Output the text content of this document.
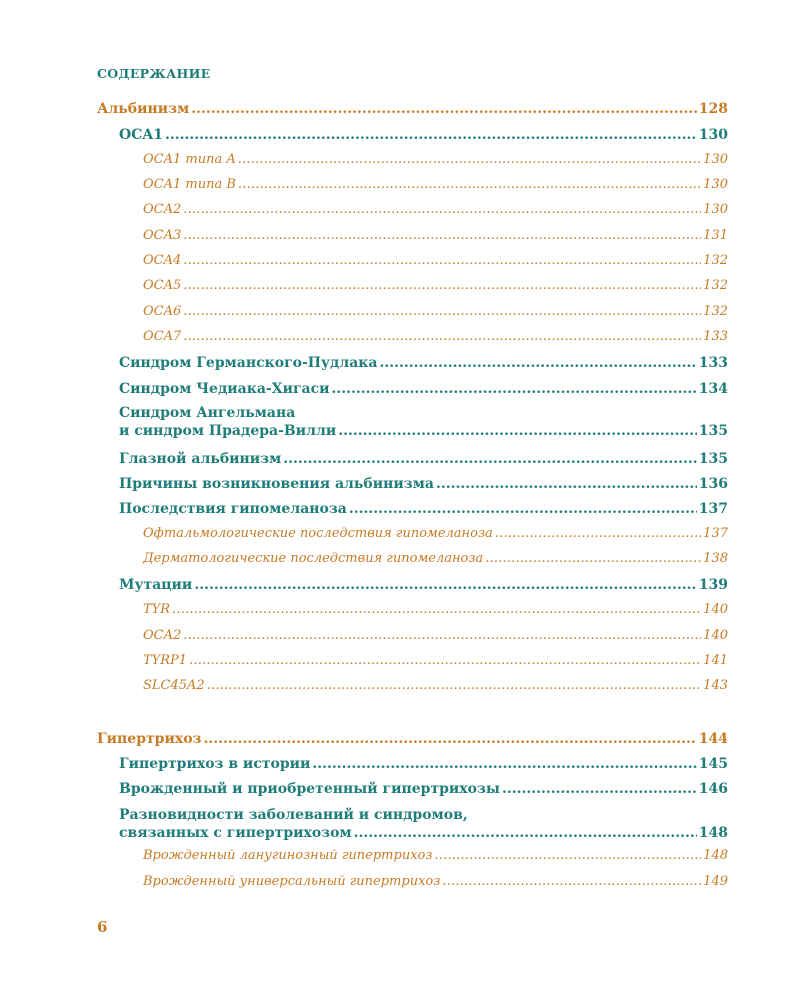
СОДЕРЖАНИЕ
Альбинизм .....	128
OCA1 .....	130
OCA1 типа A .....	130
OCA1 типа B .....	130
OCA2 .....	130
OCA3 .....	131
OCA4 .....	132
OCA5 .....	132
OCA6 .....	132
OCA7 .....	133
Синдром Германского-Пудлака .....	133
Синдром Чедиака-Хигаси .....	134
Синдром Ангельмана
и синдром Прадера-Вилли .....	135
Глазной альбинизм .....	135
Причины возникновения альбинизма .....	136
Последствия гипомеланоза .....	137
Офтальмологические последствия гипомеланоза .....	137
Дерматологические последствия гипомеланоза .....	138
Мутации .....	139
TYR .....	140
OCA2 .....	140
TYRP1 .....	141
SLC45A2 .....	143
Гипертрихоз .....	144
Гипертрихоз в истории .....	145
Врожденный и приобретенный гипертрихозы .....	146
Разновидности заболеваний и синдромов,
связанных с гипертрихозом .....	148
Врожденный ланугинозный гипертрихоз .....	148
Врожденный универсальный гипертрихоз .....	149
6
